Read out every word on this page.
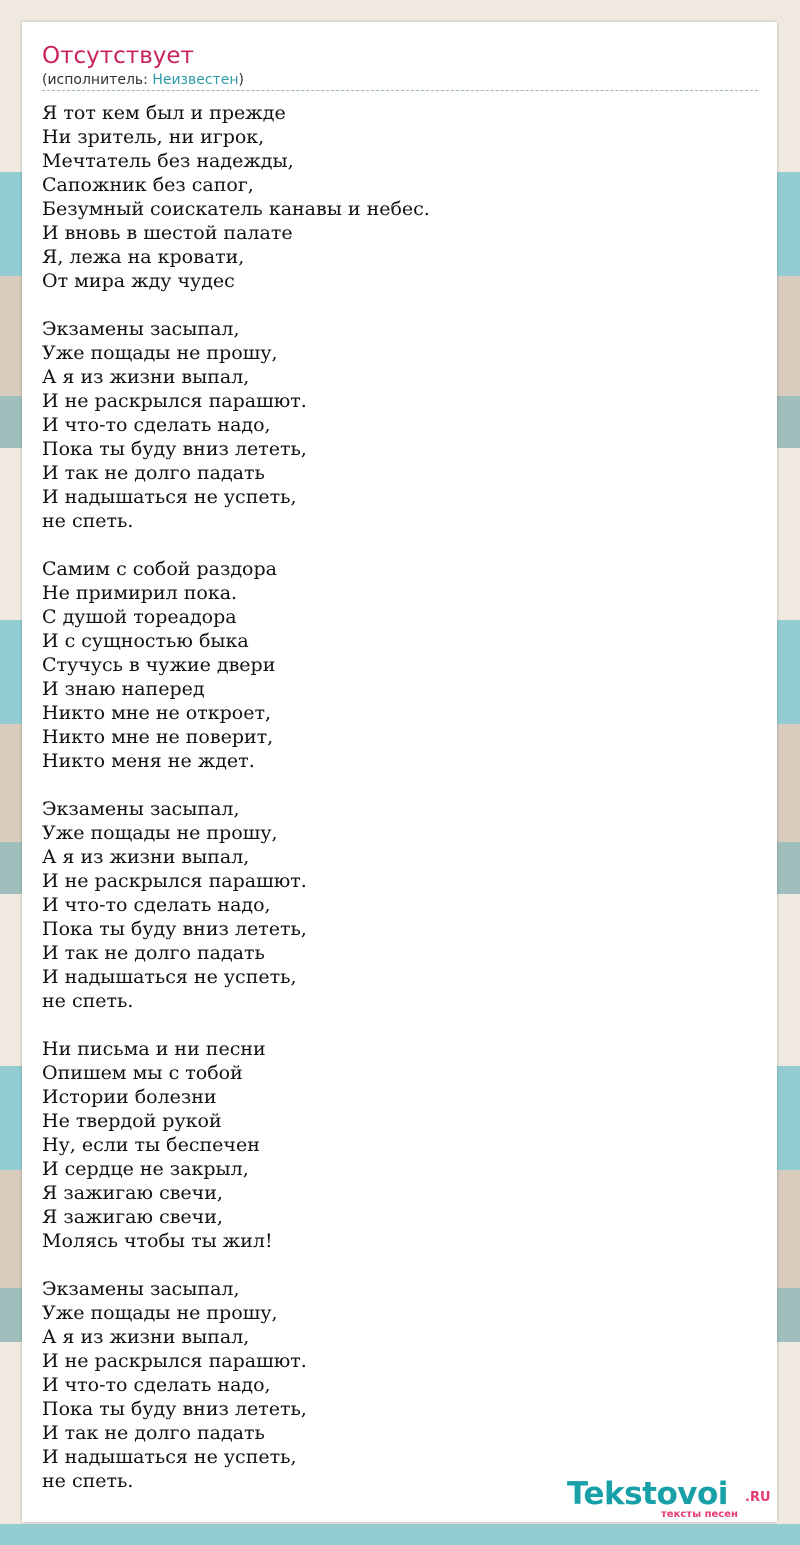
Отсутствует
(исполнитель: Неизвестен)
Я тот кем был и прежде
Ни зритель, ни игрок,
Мечтатель без надежды,
Сапожник без сапог,
Безумный соискатель канавы и небес.
И вновь в шестой палате
Я, лежа на кровати,
От мира жду чудес
Экзамены засыпал,
Уже пощады не прошу,
А я из жизни выпал,
И не раскрылся парашют.
И что-то сделать надо,
Пока ты буду вниз лететь,
И так не долго падать
И надышаться не успеть,
не спеть.
Самим с собой раздора
Не примирил пока.
С душой тореадора
И с сущностью быка
Стучусь в чужие двери
И знаю наперед
Никто мне не откроет,
Никто мне не поверит,
Никто меня не ждет.
Экзамены засыпал,
Уже пощады не прошу,
А я из жизни выпал,
И не раскрылся парашют.
И что-то сделать надо,
Пока ты буду вниз лететь,
И так не долго падать
И надышаться не успеть,
не спеть.
Ни письма и ни песни
Опишем мы с тобой
Истории болезни
Не твердой рукой
Ну, если ты беспечен
И сердце не закрыл,
Я зажигаю свечи,
Я зажигаю свечи,
Молясь чтобы ты жил!
Экзамены засыпал,
Уже пощады не прошу,
А я из жизни выпал,
И не раскрылся парашют.
И что-то сделать надо,
Пока ты буду вниз лететь,
И так не долго падать
И надышаться не успеть,
не спеть.	Tekstovoi .RU
тексты песен
